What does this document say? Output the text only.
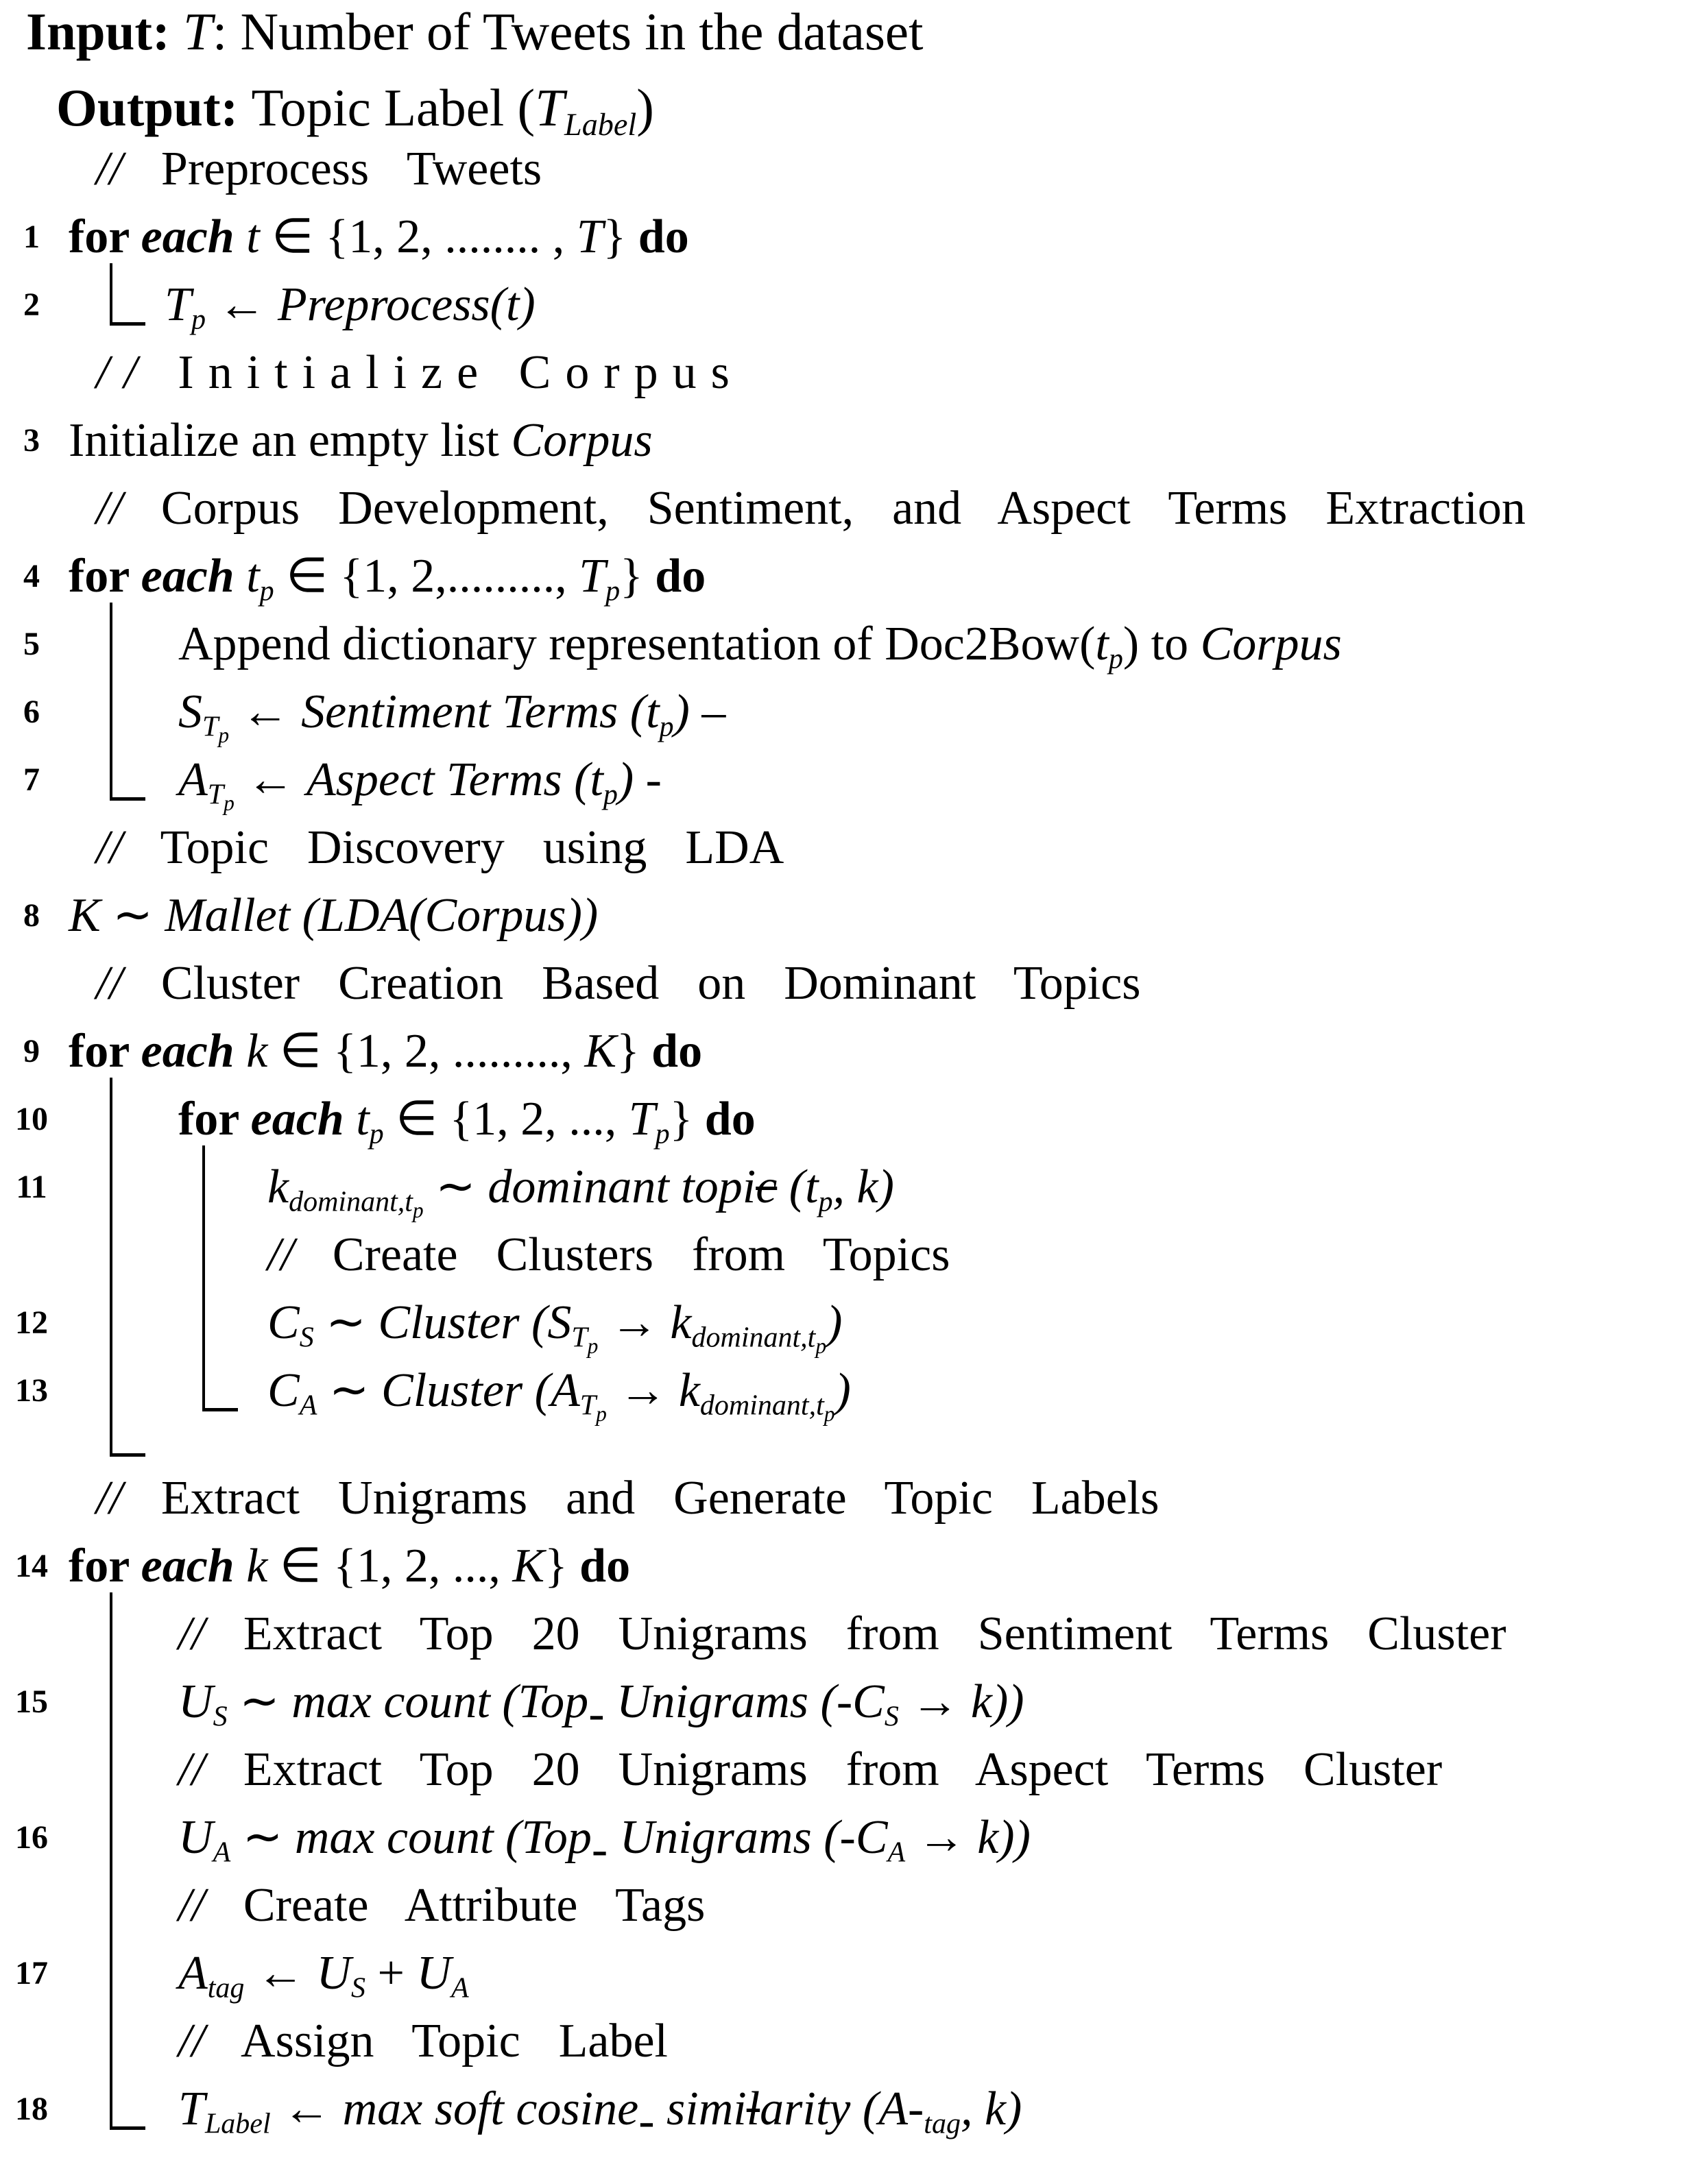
Input: T: Number of Tweets in the dataset
Output: Topic Label (TLabel)
// Preprocess Tweets
1 for each t ∈ {1, 2, ........ , T} do
2	Tp ← Preprocess(t)
// Initialize Corpus
3 Initialize an empty list Corpus
// Corpus Development, Sentiment, and Aspect Terms Extraction
4 for each tp ∈ {1, 2,........., Tp} do
5	Append dictionary representation of Doc2Bow(tp) to Corpus
6	$ST_p$ ← Sentiment Terms (tp) –
7	$AT_p$ ← Aspect Terms (tp) -
// Topic Discovery using LDA
8 K ∼ Mallet (LDA(Corpus))
// Cluster Creation Based on Dominant Topics
9 for each k ∈ {1, 2, ........., K} do
10	for each tp ∈ {1, 2, ..., Tp} do
11	$kdominant,t_p$ ∼ dominant topic (tp, k)
// Create Clusters from Topics
12	CS ∼ Cluster ($ST_p$ → $kdominant,t_p$)
13	CA ∼ Cluster ($AT_p$ → $kdominant,t_p$)
// Extract Unigrams and Generate Topic Labels
14 for each k ∈ {1, 2, ..., K} do
// Extract Top 20 Unigrams from Sentiment Terms Cluster
15	US ∼ max count (Top- Unigrams (-CS → k))
// Extract Top 20 Unigrams from Aspect Terms Cluster
16	UA ∼ max count (Top- Unigrams (-CA → k))
// Create Attribute Tags
17	Atag ← US + UA
// Assign Topic Label
18	TLabel ← max soft cosine- similarity (A-tag, k)
